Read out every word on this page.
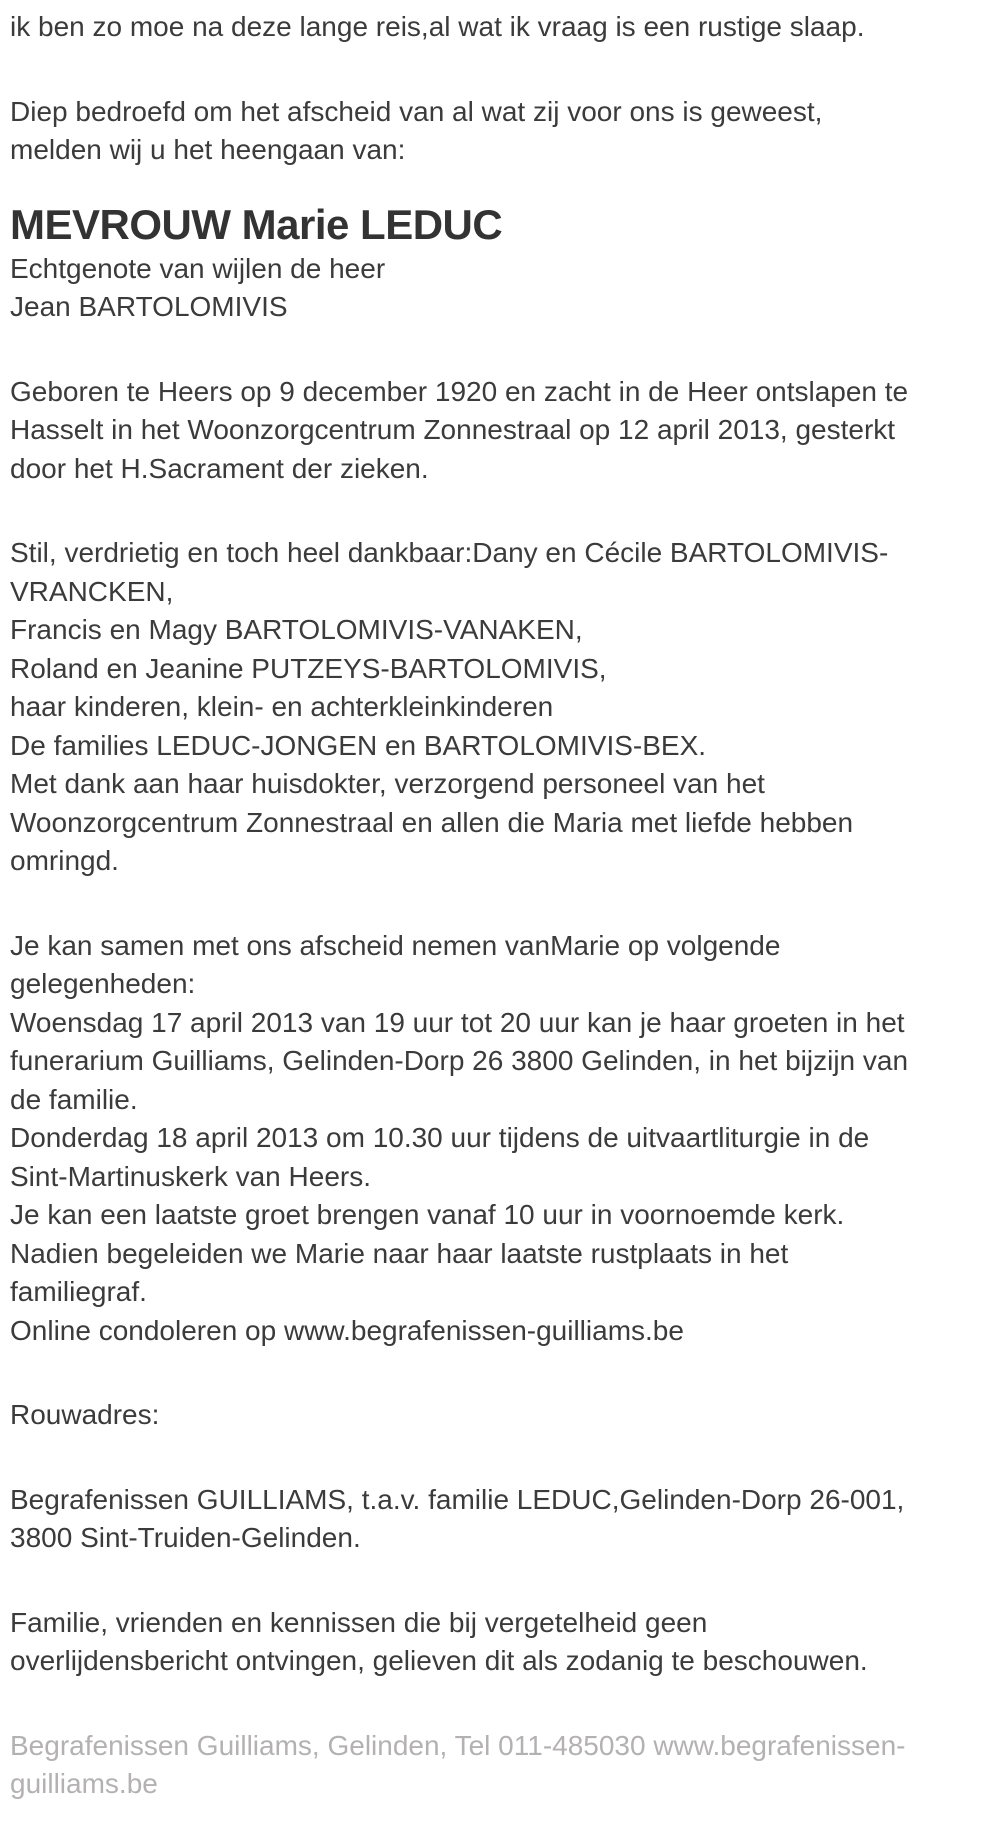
ik ben zo moe na deze lange reis,al wat ik vraag is een rustige slaap.

Diep bedroefd om het afscheid van al wat zij voor ons is geweest,
melden wij u het heengaan van:

MEVROUW Marie LEDUC

Echtgenote van wijlen de heer
Jean BARTOLOMIVIS

Geboren te Heers op 9 december 1920 en zacht in de Heer ontslapen te
Hasselt in het Woonzorgcentrum Zonnestraal op 12 april 2013, gesterkt
door het H.Sacrament der zieken.

Stil, verdrietig en toch heel dankbaar:Dany en Cécile BARTOLOMIVIS-
VRANCKEN,
Francis en Magy BARTOLOMIVIS-VANAKEN,
Roland en Jeanine PUTZEYS-BARTOLOMIVIS,
haar kinderen, klein- en achterkleinkinderen
De families LEDUC-JONGEN en BARTOLOMIVIS-BEX.
Met dank aan haar huisdokter, verzorgend personeel van het
Woonzorgcentrum Zonnestraal en allen die Maria met liefde hebben
omringd.

Je kan samen met ons afscheid nemen vanMarie op volgende
gelegenheden:
Woensdag 17 april 2013 van 19 uur tot 20 uur kan je haar groeten in het
funerarium Guilliams, Gelinden-Dorp 26 3800 Gelinden, in het bijzijn van
de familie.
Donderdag 18 april 2013 om 10.30 uur tijdens de uitvaartliturgie in de
Sint-Martinuskerk van Heers.
Je kan een laatste groet brengen vanaf 10 uur in voornoemde kerk.
Nadien begeleiden we Marie naar haar laatste rustplaats in het
familiegraf.
Online condoleren op www.begrafenissen-guilliams.be

Rouwadres:

Begrafenissen GUILLIAMS, t.a.v. familie LEDUC,Gelinden-Dorp 26-001,
3800 Sint-Truiden-Gelinden.

Familie, vrienden en kennissen die bij vergetelheid geen
overlijdensbericht ontvingen, gelieven dit als zodanig te beschouwen.

Begrafenissen Guilliams, Gelinden, Tel 011-485030 www.begrafenissen-
guilliams.be
